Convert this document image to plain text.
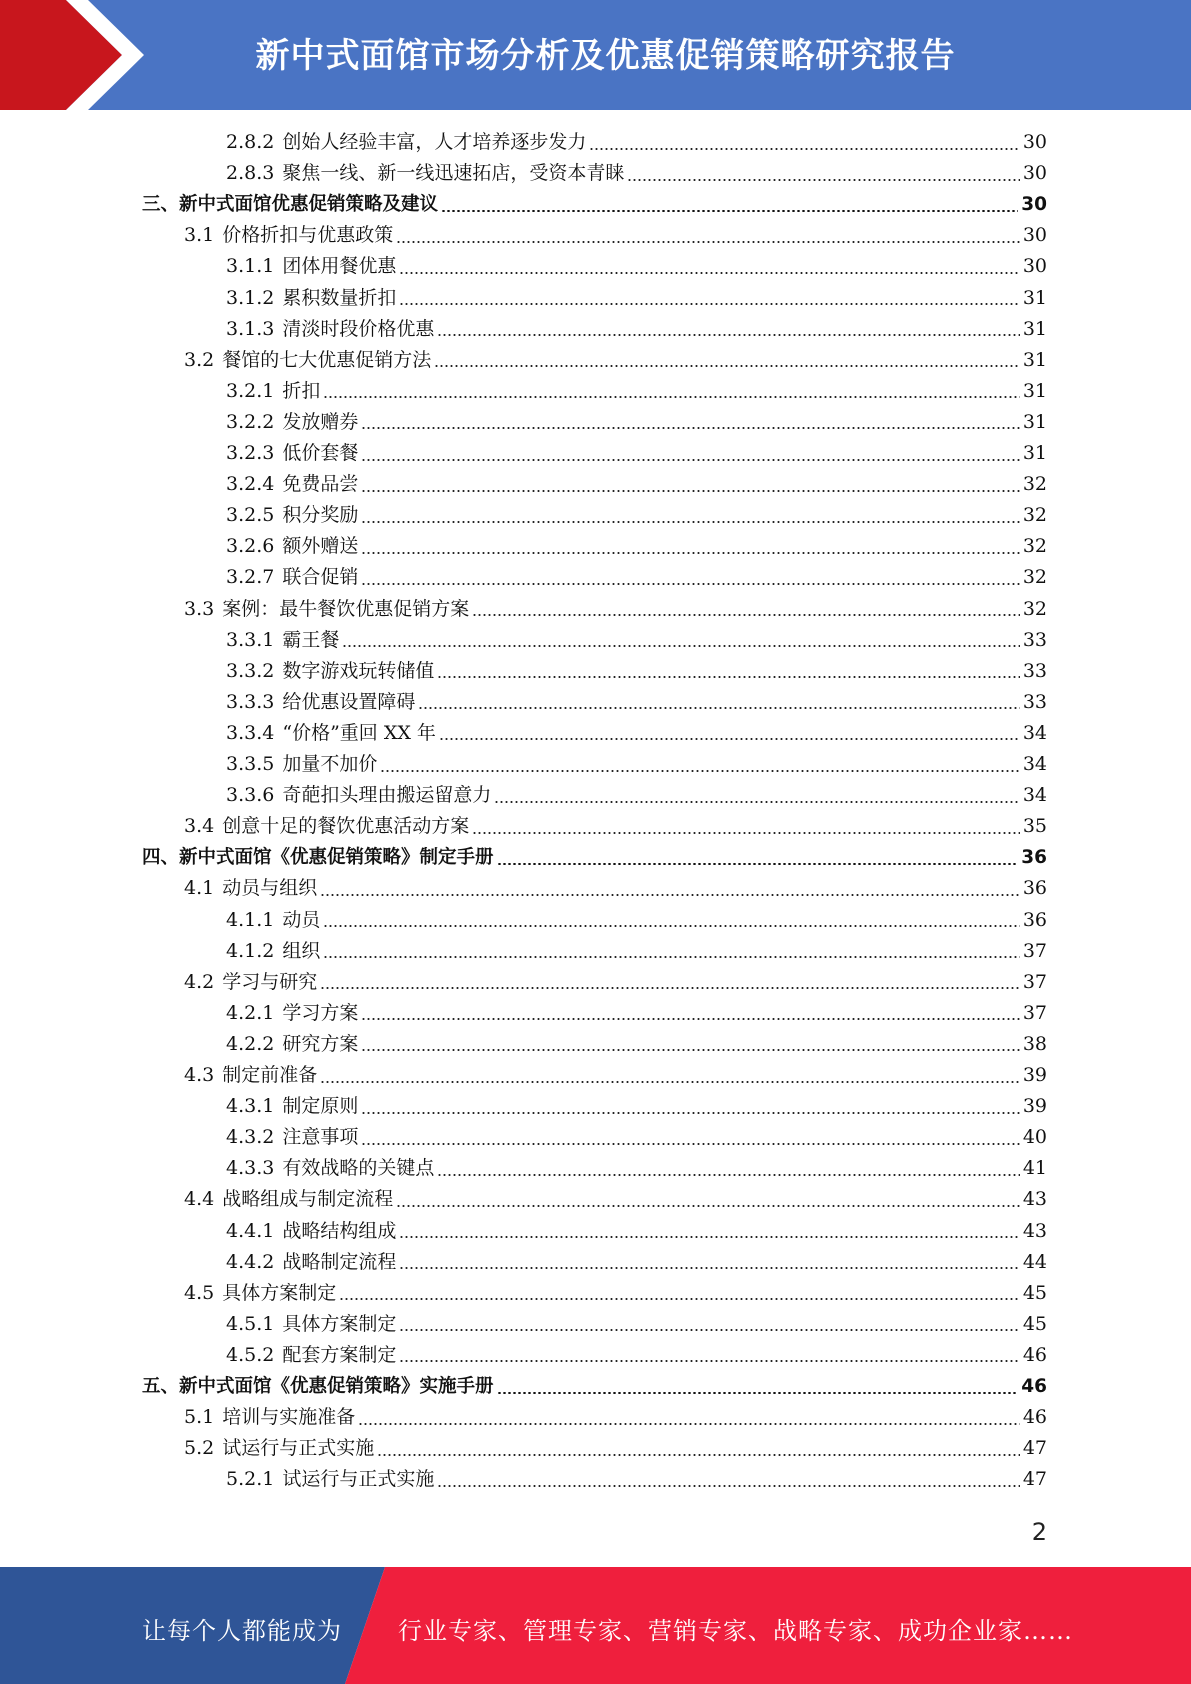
新中式面馆市场分析及优惠促销策略研究报告
2.8.2 创始人经验丰富，人才培养逐步发力	30
2.8.3 聚焦一线、新一线迅速拓店，受资本青睐	30
三、 新中式面馆优惠促销策略及建议	30
3.1 价格折扣与优惠政策	30
3.1.1 团体用餐优惠	30
3.1.2 累积数量折扣	31
3.1.3 清淡时段价格优惠	31
3.2 餐馆的七大优惠促销方法	31
3.2.1 折扣	31
3.2.2 发放赠券	31
3.2.3 低价套餐	31
3.2.4 免费品尝	32
3.2.5 积分奖励	32
3.2.6 额外赠送	32
3.2.7 联合促销	32
3.3 案例：最牛餐饮优惠促销方案	32
3.3.1 霸王餐	33
3.3.2 数字游戏玩转储值	33
3.3.3 给优惠设置障碍	33
3.3.4 “价格”重回 XX 年	34
3.3.5 加量不加价	34
3.3.6 奇葩扣头理由搬运留意力	34
3.4 创意十足的餐饮优惠活动方案	35
四、 新中式面馆《优惠促销策略》制定手册	36
4.1 动员与组织	36
4.1.1 动员	36
4.1.2 组织	37
4.2 学习与研究	37
4.2.1 学习方案	37
4.2.2 研究方案	38
4.3 制定前准备	39
4.3.1 制定原则	39
4.3.2 注意事项	40
4.3.3 有效战略的关键点	41
4.4 战略组成与制定流程	43
4.4.1 战略结构组成	43
4.4.2 战略制定流程	44
4.5 具体方案制定	45
4.5.1 具体方案制定	45
4.5.2 配套方案制定	46
五、 新中式面馆《优惠促销策略》实施手册	46
5.1 培训与实施准备	46
5.2 试运行与正式实施	47
5.2.1 试运行与正式实施	47
2
让每个人都能成为 行业专家、管理专家、营销专家、战略专家、成功企业家……
